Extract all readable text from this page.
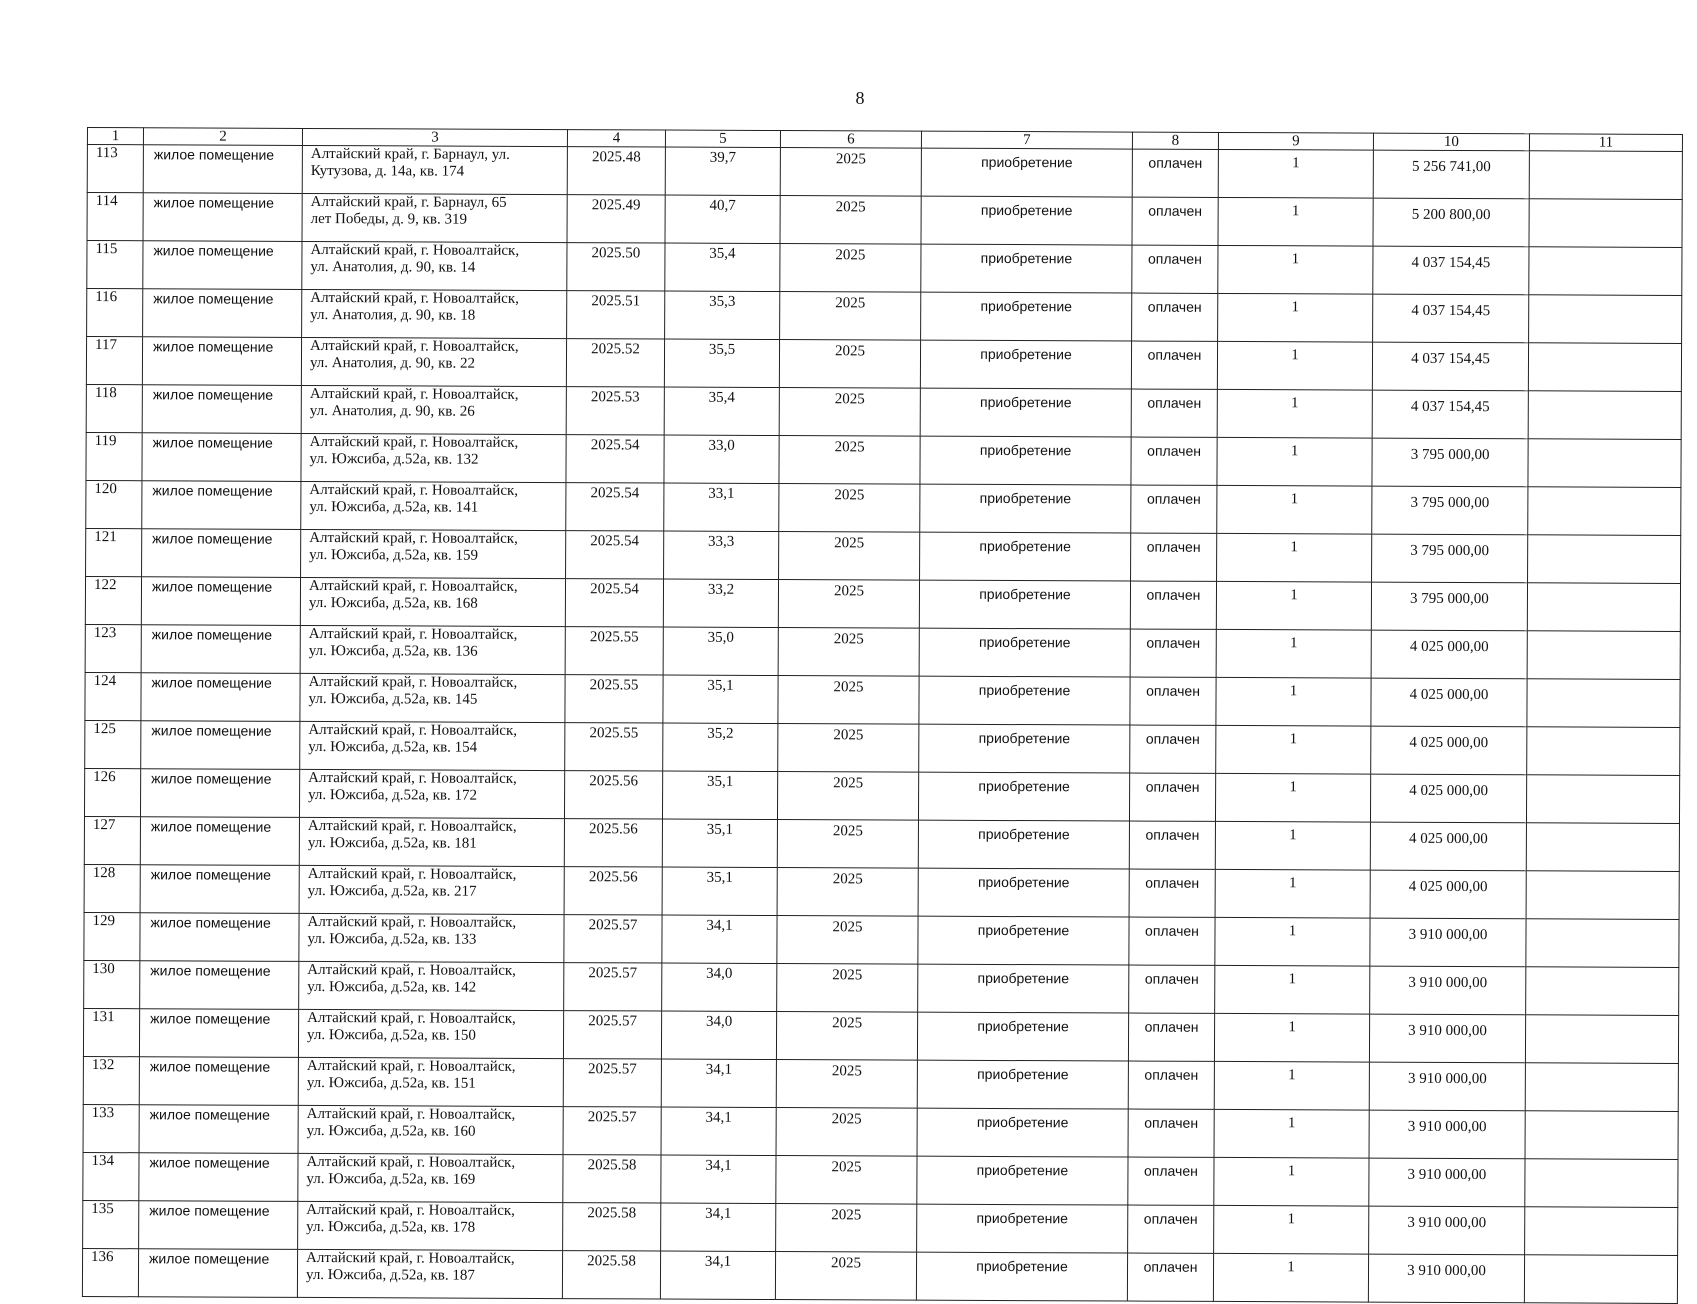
8
1	2	3	4	5	6	7	8	9	10	11
113	жилое помещение	Алтайский край, г. Барнаул, ул.
Кутузова, д. 14а, кв. 174	2025.48	39,7	2025	приобретение	оплачен	1	5 256 741,00	
114	жилое помещение	Алтайский край, г. Барнаул, 65
лет Победы, д. 9, кв. 319	2025.49	40,7	2025	приобретение	оплачен	1	5 200 800,00	
115	жилое помещение	Алтайский край, г. Новоалтайск,
ул. Анатолия, д. 90, кв. 14	2025.50	35,4	2025	приобретение	оплачен	1	4 037 154,45	
116	жилое помещение	Алтайский край, г. Новоалтайск,
ул. Анатолия, д. 90, кв. 18	2025.51	35,3	2025	приобретение	оплачен	1	4 037 154,45	
117	жилое помещение	Алтайский край, г. Новоалтайск,
ул. Анатолия, д. 90, кв. 22	2025.52	35,5	2025	приобретение	оплачен	1	4 037 154,45	
118	жилое помещение	Алтайский край, г. Новоалтайск,
ул. Анатолия, д. 90, кв. 26	2025.53	35,4	2025	приобретение	оплачен	1	4 037 154,45	
119	жилое помещение	Алтайский край, г. Новоалтайск,
ул. Южсиба, д.52а, кв. 132	2025.54	33,0	2025	приобретение	оплачен	1	3 795 000,00	
120	жилое помещение	Алтайский край, г. Новоалтайск,
ул. Южсиба, д.52а, кв. 141	2025.54	33,1	2025	приобретение	оплачен	1	3 795 000,00	
121	жилое помещение	Алтайский край, г. Новоалтайск,
ул. Южсиба, д.52а, кв. 159	2025.54	33,3	2025	приобретение	оплачен	1	3 795 000,00	
122	жилое помещение	Алтайский край, г. Новоалтайск,
ул. Южсиба, д.52а, кв. 168	2025.54	33,2	2025	приобретение	оплачен	1	3 795 000,00	
123	жилое помещение	Алтайский край, г. Новоалтайск,
ул. Южсиба, д.52а, кв. 136	2025.55	35,0	2025	приобретение	оплачен	1	4 025 000,00	
124	жилое помещение	Алтайский край, г. Новоалтайск,
ул. Южсиба, д.52а, кв. 145	2025.55	35,1	2025	приобретение	оплачен	1	4 025 000,00	
125	жилое помещение	Алтайский край, г. Новоалтайск,
ул. Южсиба, д.52а, кв. 154	2025.55	35,2	2025	приобретение	оплачен	1	4 025 000,00	
126	жилое помещение	Алтайский край, г. Новоалтайск,
ул. Южсиба, д.52а, кв. 172	2025.56	35,1	2025	приобретение	оплачен	1	4 025 000,00	
127	жилое помещение	Алтайский край, г. Новоалтайск,
ул. Южсиба, д.52а, кв. 181	2025.56	35,1	2025	приобретение	оплачен	1	4 025 000,00	
128	жилое помещение	Алтайский край, г. Новоалтайск,
ул. Южсиба, д.52а, кв. 217	2025.56	35,1	2025	приобретение	оплачен	1	4 025 000,00	
129	жилое помещение	Алтайский край, г. Новоалтайск,
ул. Южсиба, д.52а, кв. 133	2025.57	34,1	2025	приобретение	оплачен	1	3 910 000,00	
130	жилое помещение	Алтайский край, г. Новоалтайск,
ул. Южсиба, д.52а, кв. 142	2025.57	34,0	2025	приобретение	оплачен	1	3 910 000,00	
131	жилое помещение	Алтайский край, г. Новоалтайск,
ул. Южсиба, д.52а, кв. 150	2025.57	34,0	2025	приобретение	оплачен	1	3 910 000,00	
132	жилое помещение	Алтайский край, г. Новоалтайск,
ул. Южсиба, д.52а, кв. 151	2025.57	34,1	2025	приобретение	оплачен	1	3 910 000,00	
133	жилое помещение	Алтайский край, г. Новоалтайск,
ул. Южсиба, д.52а, кв. 160	2025.57	34,1	2025	приобретение	оплачен	1	3 910 000,00	
134	жилое помещение	Алтайский край, г. Новоалтайск,
ул. Южсиба, д.52а, кв. 169	2025.58	34,1	2025	приобретение	оплачен	1	3 910 000,00	
135	жилое помещение	Алтайский край, г. Новоалтайск,
ул. Южсиба, д.52а, кв. 178	2025.58	34,1	2025	приобретение	оплачен	1	3 910 000,00	
136	жилое помещение	Алтайский край, г. Новоалтайск,
ул. Южсиба, д.52а, кв. 187	2025.58	34,1	2025	приобретение	оплачен	1	3 910 000,00	
